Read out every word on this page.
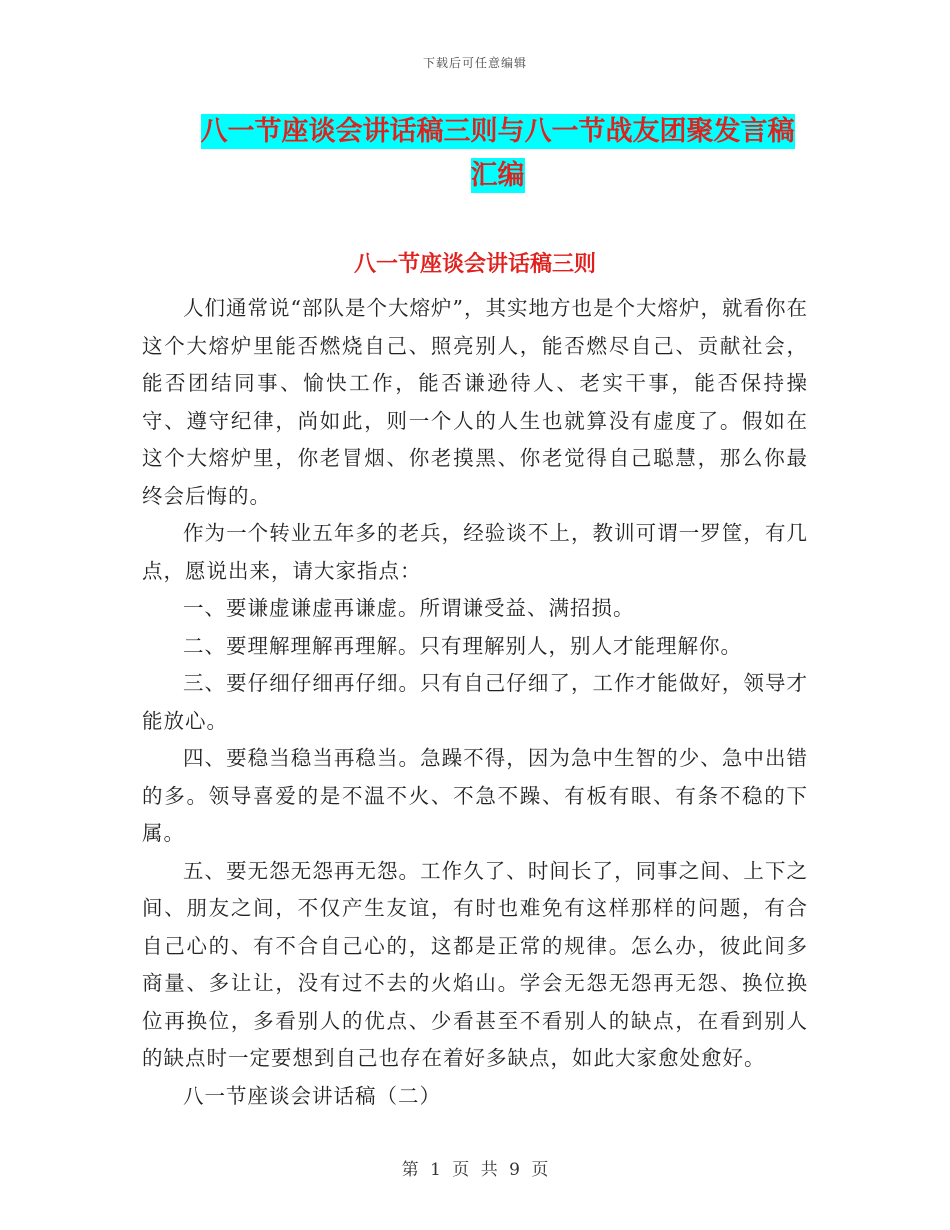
下载后可任意编辑
八一节座谈会讲话稿三则与八一节战友团聚发言稿汇编
八一节座谈会讲话稿三则

人们通常说“部队是个大熔炉”，其实地方也是个大熔炉，就看你在这个大熔炉里能否燃烧自己、照亮别人，能否燃尽自己、贡献社会，能否团结同事、愉快工作，能否谦逊待人、老实干事，能否保持操守、遵守纪律，尚如此，则一个人的人生也就算没有虚度了。假如在这个大熔炉里，你老冒烟、你老摸黑、你老觉得自己聪慧，那么你最终会后悔的。

作为一个转业五年多的老兵，经验谈不上，教训可谓一罗筐，有几点，愿说出来，请大家指点：

一、要谦虚谦虚再谦虚。所谓谦受益、满招损。

二、要理解理解再理解。只有理解别人，别人才能理解你。

三、要仔细仔细再仔细。只有自己仔细了，工作才能做好，领导才能放心。

四、要稳当稳当再稳当。急躁不得，因为急中生智的少、急中出错的多。领导喜爱的是不温不火、不急不躁、有板有眼、有条不稳的下属。

五、要无怨无怨再无怨。工作久了、时间长了，同事之间、上下之间、朋友之间，不仅产生友谊，有时也难免有这样那样的问题，有合自己心的、有不合自己心的，这都是正常的规律。怎么办，彼此间多商量、多让让，没有过不去的火焰山。学会无怨无怨再无怨、换位换位再换位，多看别人的优点、少看甚至不看别人的缺点，在看到别人的缺点时一定要想到自己也存在着好多缺点，如此大家愈处愈好。

八一节座谈会讲话稿（二）

第 1 页 共 9 页
